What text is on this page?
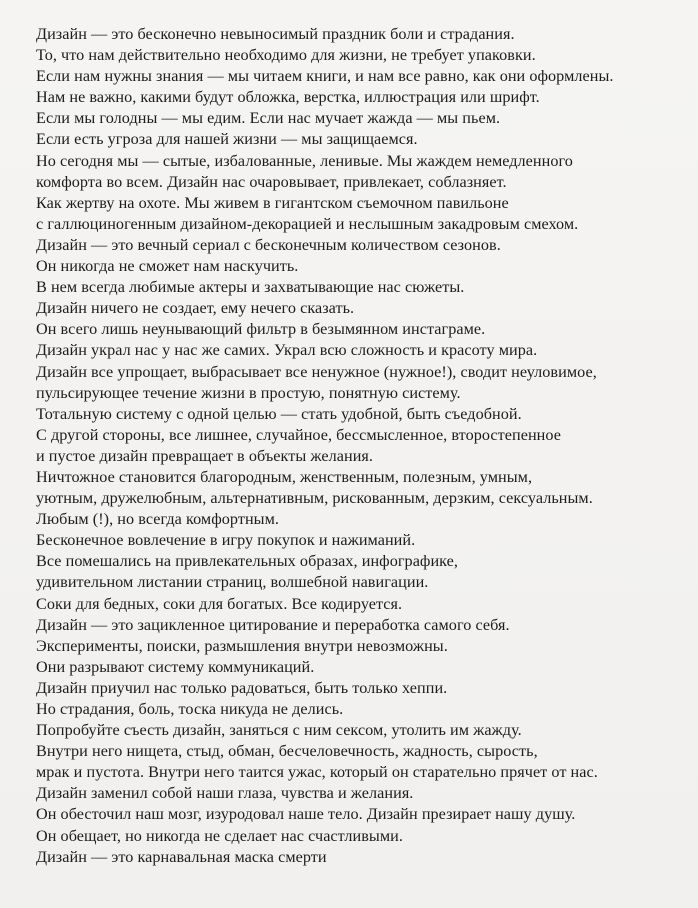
Дизайн — это бесконечно невыносимый праздник боли и страдания.
То, что нам действительно необходимо для жизни, не требует упаковки.
Если нам нужны знания — мы читаем книги, и нам все равно, как они оформлены.
Нам не важно, какими будут обложка, верстка, иллюстрация или шрифт.
Если мы голодны — мы едим. Если нас мучает жажда — мы пьем.
Если есть угроза для нашей жизни — мы защищаемся.
Но сегодня мы — сытые, избалованные, ленивые. Мы жаждем немедленного
комфорта во всем. Дизайн нас очаровывает, привлекает, соблазняет.
Как жертву на охоте. Мы живем в гигантском съемочном павильоне
с галлюциногенным дизайном-декорацией и неслышным закадровым смехом.
Дизайн — это вечный сериал с бесконечным количеством сезонов.
Он никогда не сможет нам наскучить.
В нем всегда любимые актеры и захватывающие нас сюжеты.
Дизайн ничего не создает, ему нечего сказать.
Он всего лишь неунывающий фильтр в безымянном инстаграме.
Дизайн украл нас у нас же самих. Украл всю сложность и красоту мира.
Дизайн все упрощает, выбрасывает все ненужное (нужное!), сводит неуловимое,
пульсирующее течение жизни в простую, понятную систему.
Тотальную систему с одной целью — стать удобной, быть съедобной.
С другой стороны, все лишнее, случайное, бессмысленное, второстепенное
и пустое дизайн превращает в объекты желания.
Ничтожное становится благородным, женственным, полезным, умным,
уютным, дружелюбным, альтернативным, рискованным, дерзким, сексуальным.
Любым (!), но всегда комфортным.
Бесконечное вовлечение в игру покупок и нажиманий.
Все помешались на привлекательных образах, инфографике,
удивительном листании страниц, волшебной навигации.
Соки для бедных, соки для богатых. Все кодируется.
Дизайн — это зацикленное цитирование и переработка самого себя.
Эксперименты, поиски, размышления внутри невозможны.
Они разрывают систему коммуникаций.
Дизайн приучил нас только радоваться, быть только хеппи.
Но страдания, боль, тоска никуда не делись.
Попробуйте съесть дизайн, заняться с ним сексом, утолить им жажду.
Внутри него нищета, стыд, обман, бесчеловечность, жадность, сырость,
мрак и пустота. Внутри него таится ужас, который он старательно прячет от нас.
Дизайн заменил собой наши глаза, чувства и желания.
Он обесточил наш мозг, изуродовал наше тело. Дизайн презирает нашу душу.
Он обещает, но никогда не сделает нас счастливыми.
Дизайн — это карнавальная маска смерти
